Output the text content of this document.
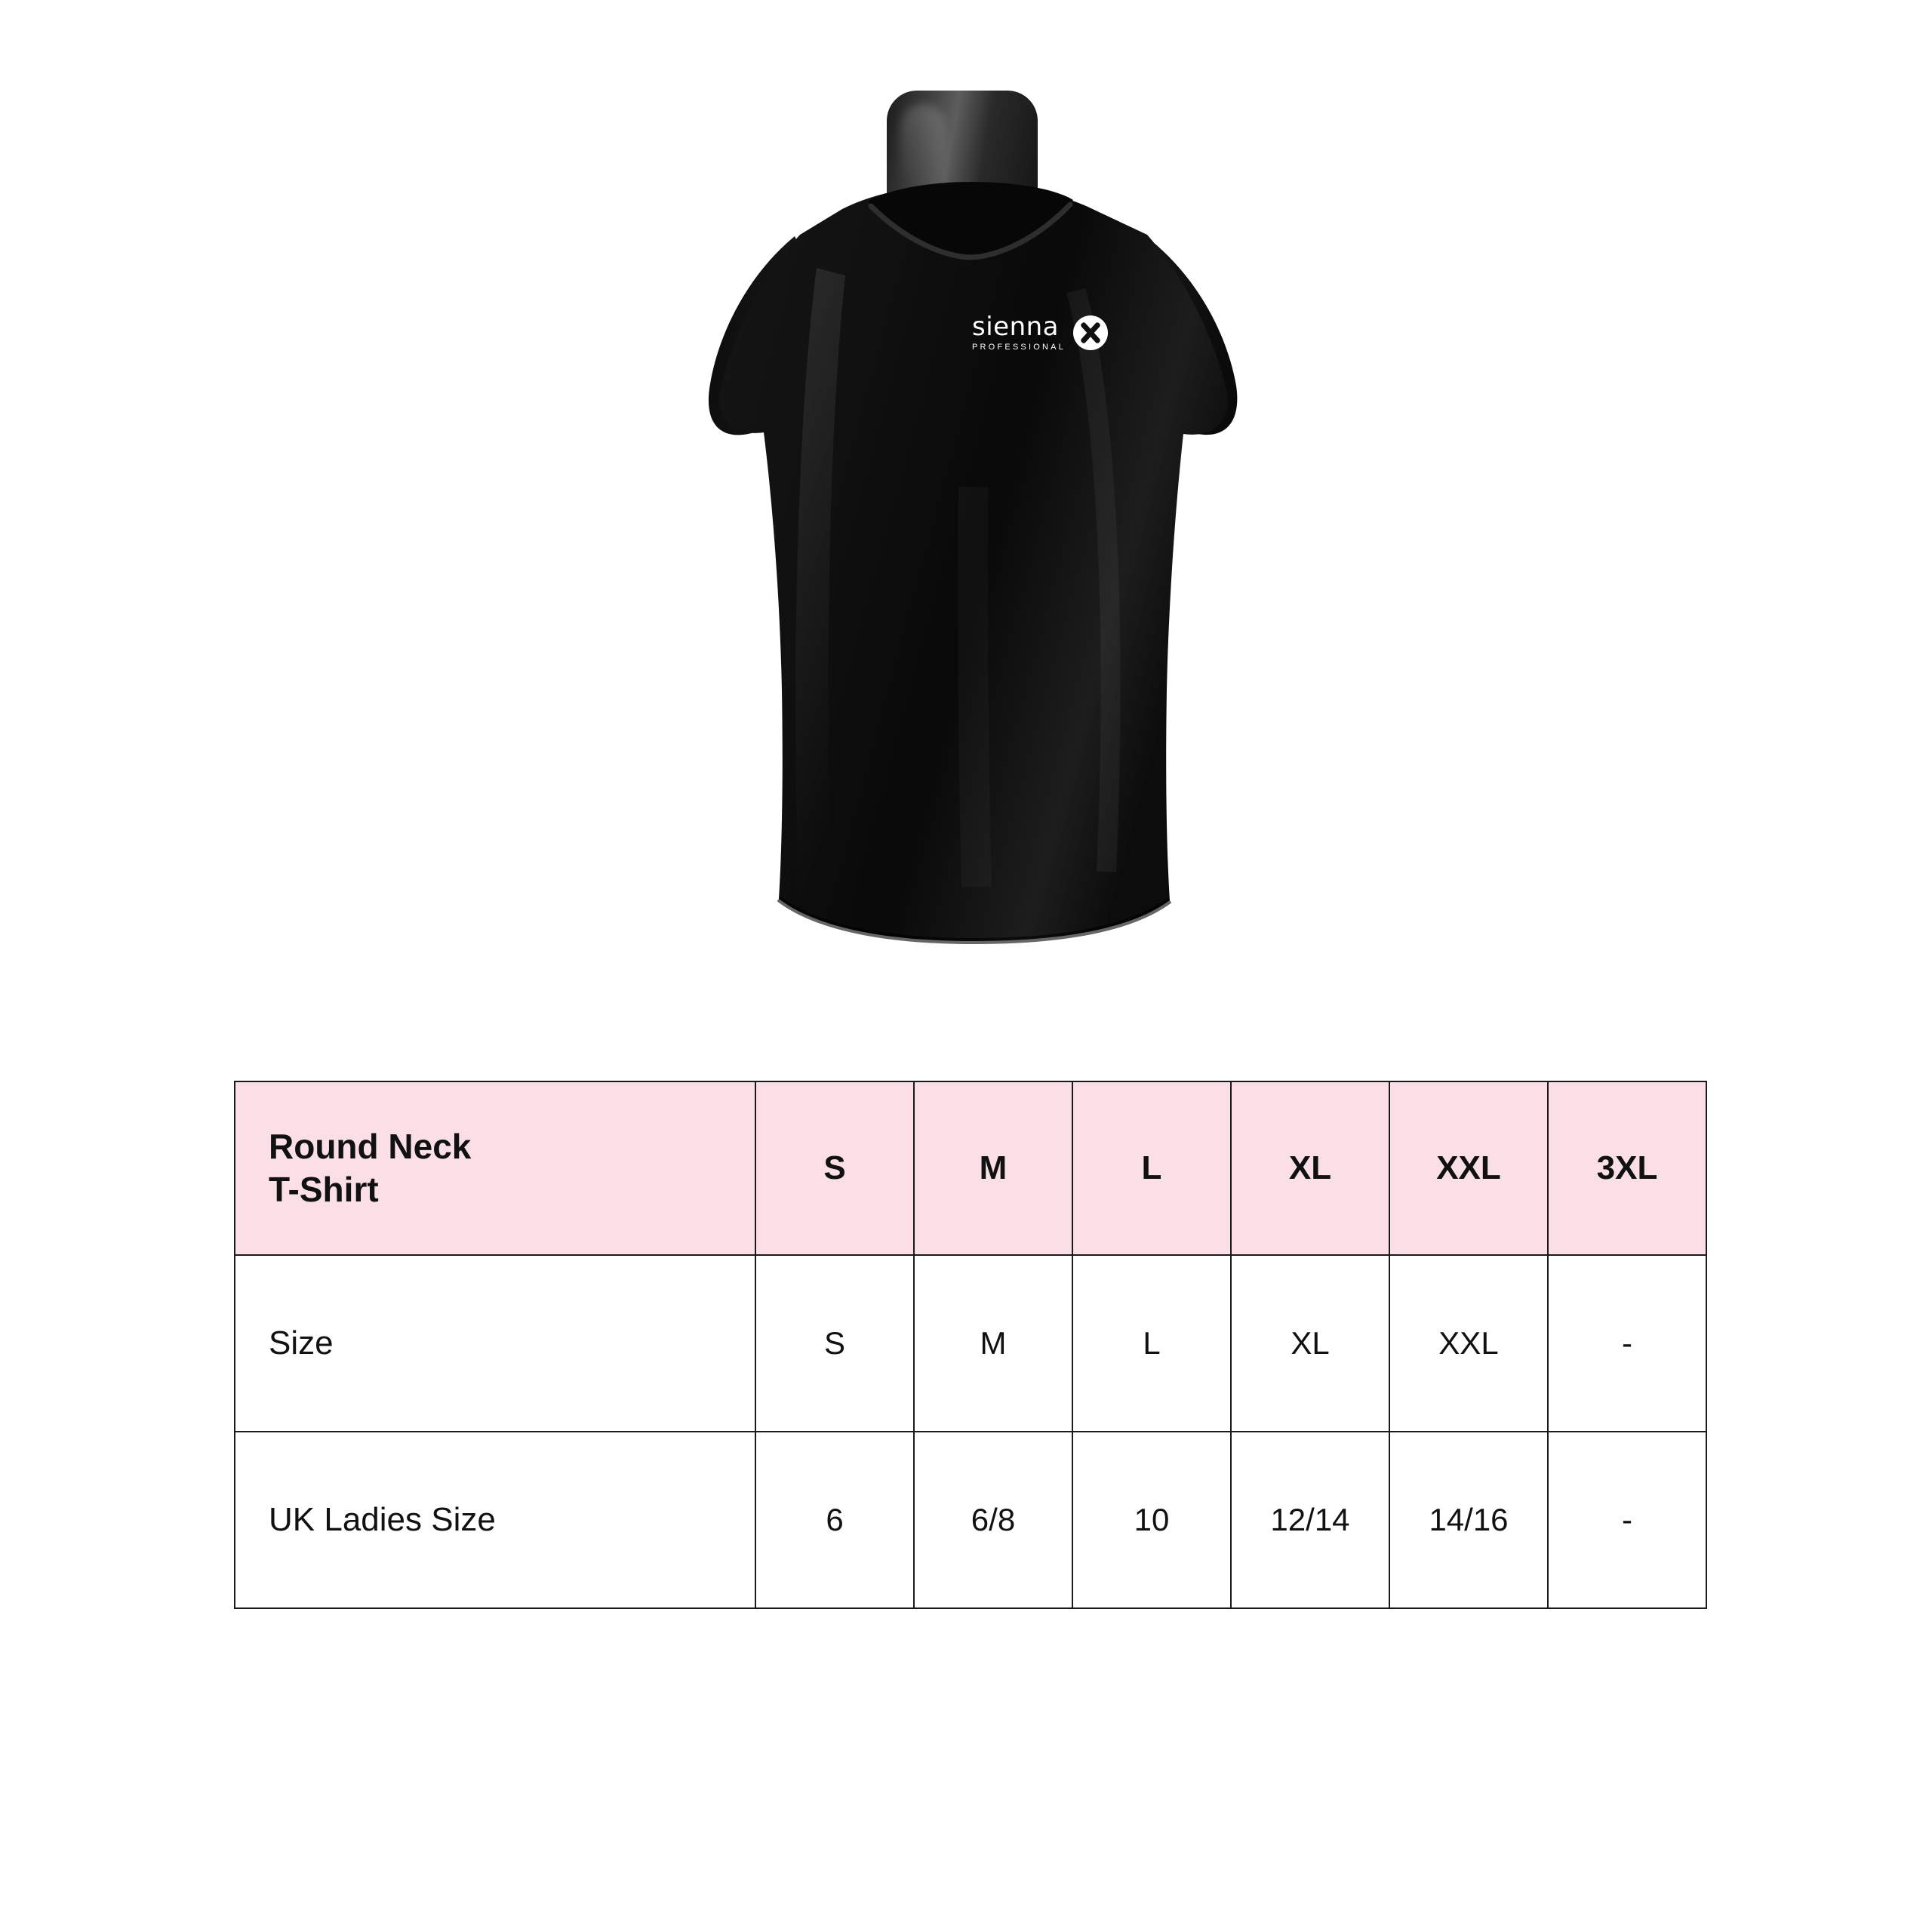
sienna
PROFESSIONAL
Round Neck
T-Shirt	S	M	L	XL	XXL	3XL
Size	S	M	L	XL	XXL	-
UK Ladies Size	6	6/8	10	12/14	14/16	-
